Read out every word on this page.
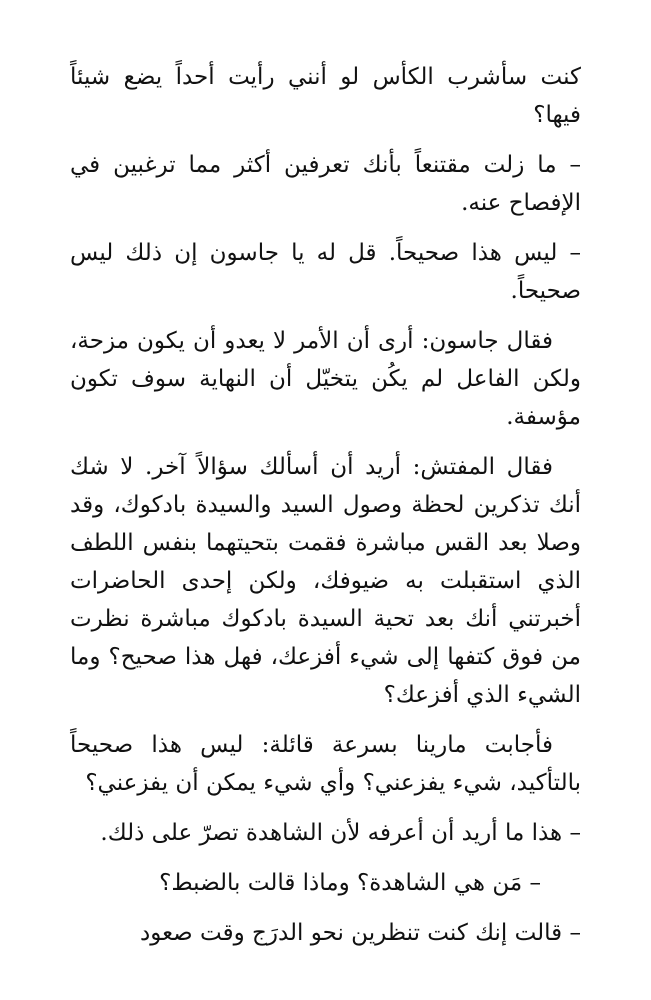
كنت سأشرب الكأس لو أنني رأيت أحداً يضع شيئاً فيها؟

– ما زلت مقتنعاً بأنك تعرفين أكثر مما ترغبين في الإفصاح عنه.

– ليس هذا صحيحاً. قل له يا جاسون إن ذلك ليس صحيحاً.

فقال جاسون: أرى أن الأمر لا يعدو أن يكون مزحة، ولكن الفاعل لم يكُن يتخيّل أن النهاية سوف تكون مؤسفة.

فقال المفتش: أريد أن أسألك سؤالاً آخر. لا شك أنك تذكرين لحظة وصول السيد والسيدة بادكوك، وقد وصلا بعد القس مباشرة فقمت بتحيتهما بنفس اللطف الذي استقبلت به ضيوفك، ولكن إحدى الحاضرات أخبرتني أنك بعد تحية السيدة بادكوك مباشرة نظرت من فوق كتفها إلى شيء أفزعك، فهل هذا صحيح؟ وما الشيء الذي أفزعك؟

فأجابت مارينا بسرعة قائلة: ليس هذا صحيحاً بالتأكيد، شيء يفزعني؟ وأي شيء يمكن أن يفزعني؟

– هذا ما أريد أن أعرفه لأن الشاهدة تصرّ على ذلك.

– مَن هي الشاهدة؟ وماذا قالت بالضبط؟

– قالت إنك كنت تنظرين نحو الدرَج وقت صعود
